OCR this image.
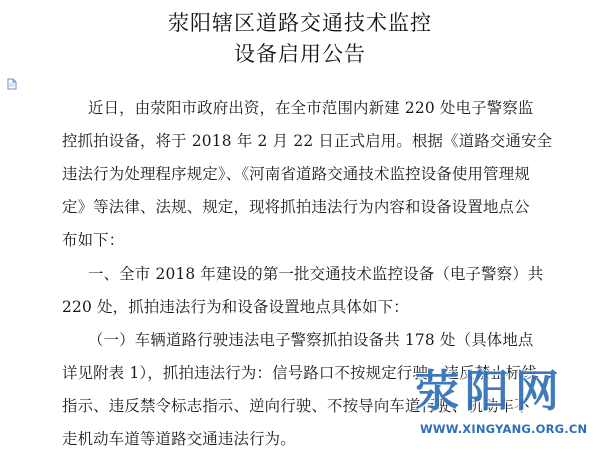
荥阳辖区道路交通技术监控
设备启用公告
近日，由荥阳市政府出资，在全市范围内新建 220 处电子警察监
控抓拍设备，将于 2018 年 2 月 22 日正式启用。根据《道路交通安全
违法行为处理程序规定》、《河南省道路交通技术监控设备使用管理规
定》等法律、法规、规定，现将抓拍违法行为内容和设备设置地点公
布如下：
一、全市 2018 年建设的第一批交通技术监控设备（电子警察）共
220 处，抓拍违法行为和设备设置地点具体如下：
（一）车辆道路行驶违法电子警察抓拍设备共 178 处（具体地点
详见附表 1），抓拍违法行为：信号路口不按规定行驶、违反禁止标线
指示、违反禁令标志指示、逆向行驶、不按导向车道行驶、机动车不
走机动车道等道路交通违法行为。
荥阳网
WWW.XINGYANG.ORG.CN
